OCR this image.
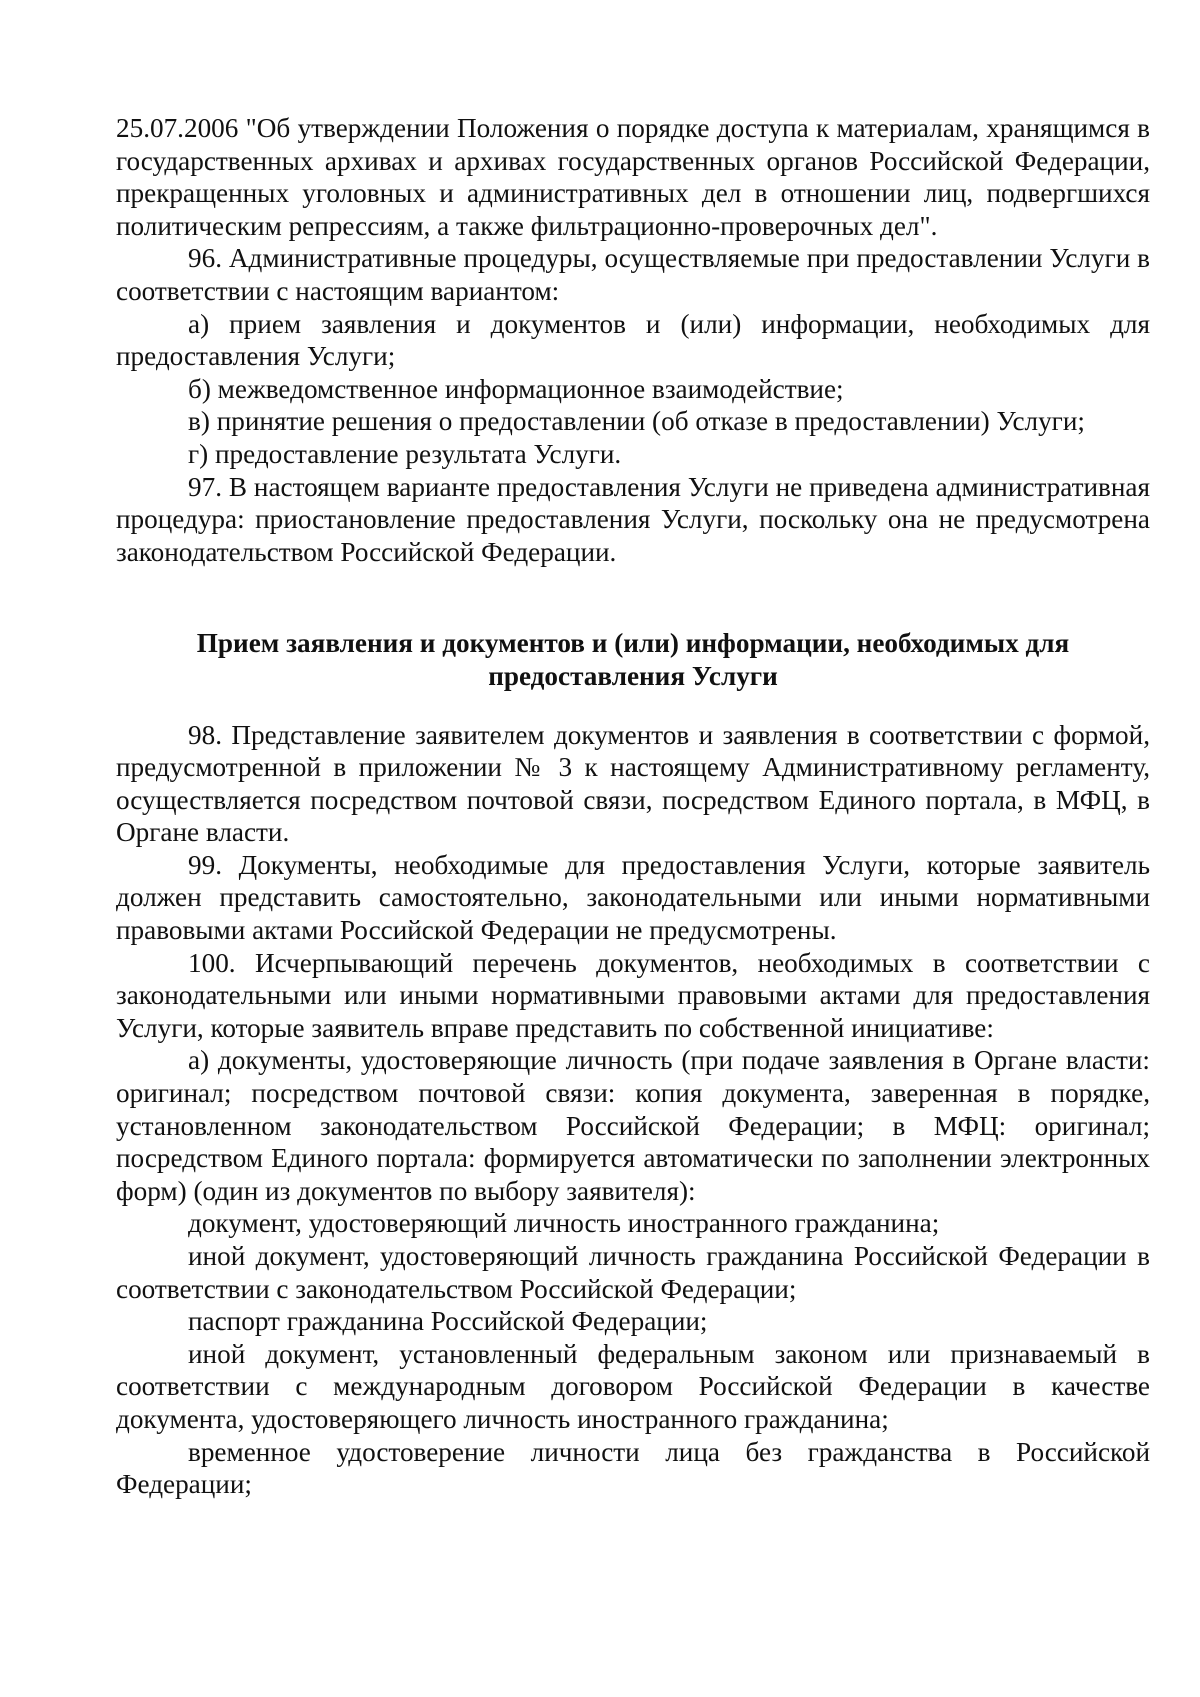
25.07.2006 "Об утверждении Положения о порядке доступа к материалам, хранящимся в государственных архивах и архивах государственных органов Российской Федерации, прекращенных уголовных и административных дел в отношении лиц, подвергшихся политическим репрессиям, а также фильтрационно-проверочных дел".

96. Административные процедуры, осуществляемые при предоставлении Услуги в соответствии с настоящим вариантом:

а) прием заявления и документов и (или) информации, необходимых для предоставления Услуги;

б) межведомственное информационное взаимодействие;

в) принятие решения о предоставлении (об отказе в предоставлении) Услуги;

г) предоставление результата Услуги.

97. В настоящем варианте предоставления Услуги не приведена административная процедура: приостановление предоставления Услуги, поскольку она не предусмотрена законодательством Российской Федерации.

Прием заявления и документов и (или) информации, необходимых для предоставления Услуги

98. Представление заявителем документов и заявления в соответствии с формой, предусмотренной в приложении № 3 к настоящему Административному регламенту, осуществляется посредством почтовой связи, посредством Единого портала, в МФЦ, в Органе власти.

99. Документы, необходимые для предоставления Услуги, которые заявитель должен представить самостоятельно, законодательными или иными нормативными правовыми актами Российской Федерации не предусмотрены.

100. Исчерпывающий перечень документов, необходимых в соответствии с законодательными или иными нормативными правовыми актами для предоставления Услуги, которые заявитель вправе представить по собственной инициативе:

а) документы, удостоверяющие личность (при подаче заявления в Органе власти: оригинал; посредством почтовой связи: копия документа, заверенная в порядке, установленном законодательством Российской Федерации; в МФЦ: оригинал; посредством Единого портала: формируется автоматически по заполнении электронных форм) (один из документов по выбору заявителя):

документ, удостоверяющий личность иностранного гражданина;

иной документ, удостоверяющий личность гражданина Российской Федерации в соответствии с законодательством Российской Федерации;

паспорт гражданина Российской Федерации;

иной документ, установленный федеральным законом или признаваемый в соответствии с международным договором Российской Федерации в качестве документа, удостоверяющего личность иностранного гражданина;

временное удостоверение личности лица без гражданства в Российской Федерации;
